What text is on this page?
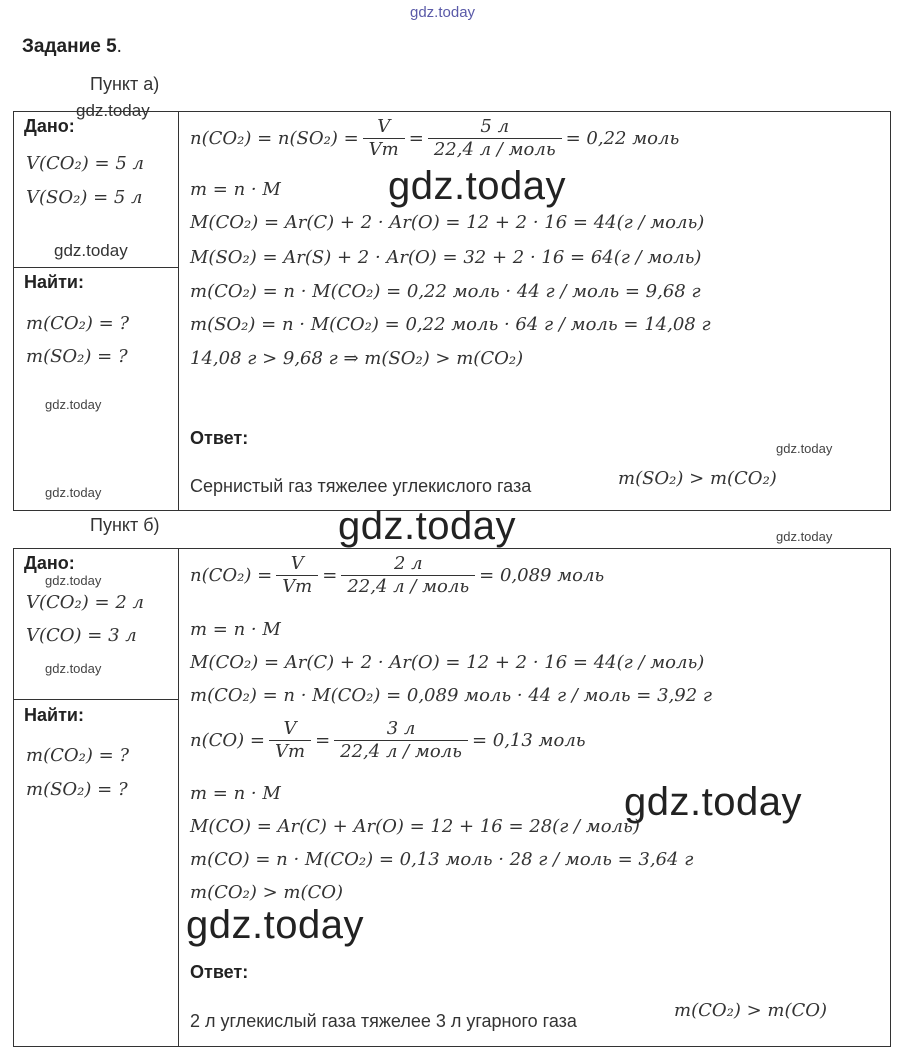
gdz.today
Задание 5.
Пункт а)
gdz.today
Дано:
V(CO₂) = 5 л
V(SO₂) = 5 л
gdz.today
Найти:
m(CO₂) = ?
m(SO₂) = ?
gdz.today
gdz.today
$n(CO_2) = n(SO_2) = \frac{V}{Vm} = \frac{5 л}{\text{22,4 л / моль}} = 0,22$ моль
m = n · M
M(CO₂) = Ar(C) + 2 · Ar(O) = 12 + 2 · 16 = 44(г / моль)
M(SO₂) = Ar(S) + 2 · Ar(O) = 32 + 2 · 16 = 64(г / моль)
m(CO₂) = n · M(CO₂) = 0,22 моль · 44 г / моль = 9,68 г
m(SO₂) = n · M(CO₂) = 0,22 моль · 64 г / моль = 14,08 г
14,08 г > 9,68 г ⇒ m(SO₂) > m(CO₂)
gdz.today
Ответ:
gdz.today
Сернистый газ тяжелее углекислого газа	m(SO₂) > m(CO₂)
Пункт б)	gdz.today	gdz.today
Дано:
gdz.today
V(CO₂) = 2 л
V(CO) = 3 л
gdz.today
Найти:
m(CO₂) = ?
m(SO₂) = ?
$n(CO_2) = \frac{V}{Vm} = \frac{2 л}{\text{22,4 л / моль}} = 0,089$ моль
m = n · M
M(CO₂) = Ar(C) + 2 · Ar(O) = 12 + 2 · 16 = 44(г / моль)
m(CO₂) = n · M(CO₂) = 0,089 моль · 44 г / моль = 3,92 г
$n(CO) = \frac{V}{Vm} = \frac{3 л}{\text{22,4 л / моль}} = 0,13$ моль
m = n · M
M(CO) = Ar(C) + Ar(O) = 12 + 16 = 28(г / моль)
m(CO) = n · M(CO₂) = 0,13 моль · 28 г / моль = 3,64 г
m(CO₂) > m(CO)
gdz.today
gdz.today
Ответ:
2 л углекислый газа тяжелее 3 л угарного газа	m(CO₂) > m(CO)
